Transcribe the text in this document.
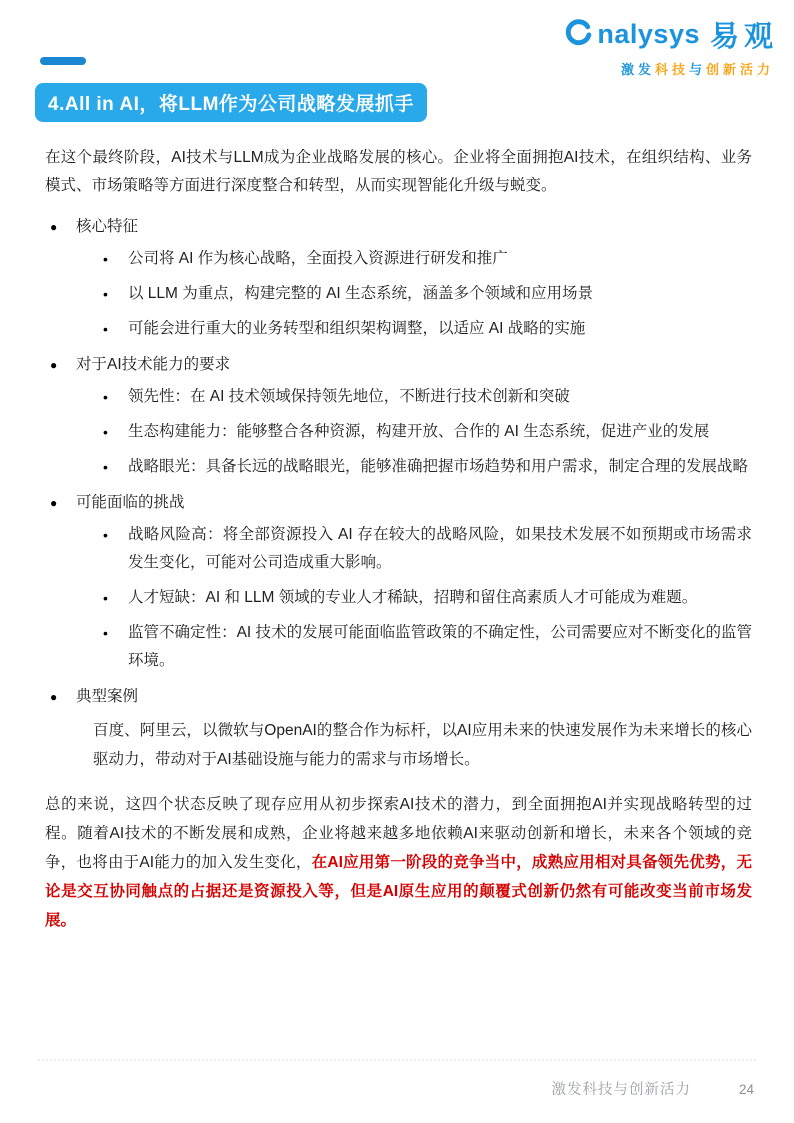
nalysys 易观
激发科技与创新活力
4.All in AI，将LLM作为公司战略发展抓手

在这个最终阶段，AI技术与LLM成为企业战略发展的核心。企业将全面拥抱AI技术，在组织结构、业务模式、市场策略等方面进行深度整合和转型，从而实现智能化升级与蜕变。

● 核心特征
• 公司将 AI 作为核心战略，全面投入资源进行研发和推广
• 以 LLM 为重点，构建完整的 AI 生态系统，涵盖多个领域和应用场景
• 可能会进行重大的业务转型和组织架构调整，以适应 AI 战略的实施
● 对于AI技术能力的要求
• 领先性：在 AI 技术领域保持领先地位，不断进行技术创新和突破
• 生态构建能力：能够整合各种资源，构建开放、合作的 AI 生态系统，促进产业的发展
• 战略眼光：具备长远的战略眼光，能够准确把握市场趋势和用户需求，制定合理的发展战略
● 可能面临的挑战
• 战略风险高：将全部资源投入 AI 存在较大的战略风险，如果技术发展不如预期或市场需求发生变化，可能对公司造成重大影响。
• 人才短缺：AI 和 LLM 领域的专业人才稀缺，招聘和留住高素质人才可能成为难题。
• 监管不确定性：AI 技术的发展可能面临监管政策的不确定性，公司需要应对不断变化的监管环境。
● 典型案例

百度、阿里云，以微软与OpenAI的整合作为标杆，以AI应用未来的快速发展作为未来增长的核心驱动力，带动对于AI基础设施与能力的需求与市场增长。

总的来说，这四个状态反映了现存应用从初步探索AI技术的潜力，到全面拥抱AI并实现战略转型的过程。随着AI技术的不断发展和成熟，企业将越来越多地依赖AI来驱动创新和增长，未来各个领域的竞争，也将由于AI能力的加入发生变化，在AI应用第一阶段的竞争当中，成熟应用相对具备领先优势，无论是交互协同触点的占据还是资源投入等，但是AI原生应用的颠覆式创新仍然有可能改变当前市场发展。

激发科技与创新活力	24
